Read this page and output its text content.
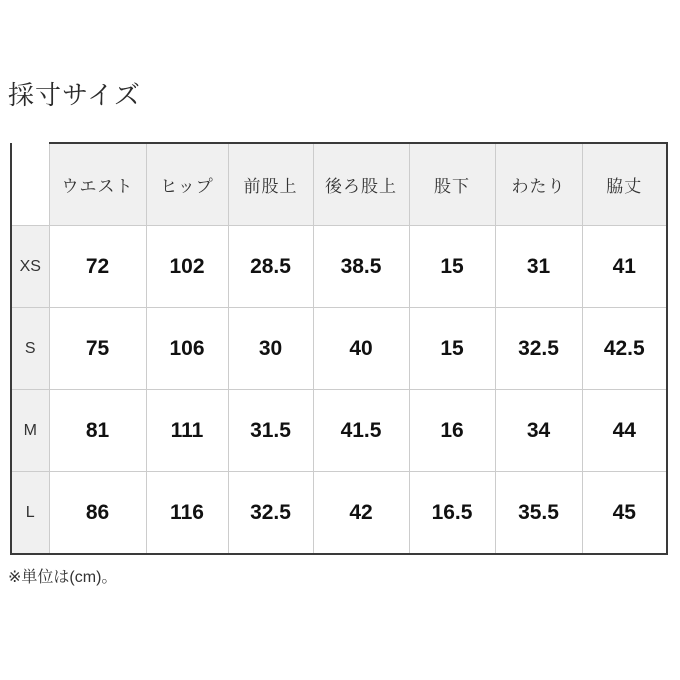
採寸サイズ
	ウエスト	ヒップ	前股上	後ろ股上	股下	わたり	脇丈
XS	72	102	28.5	38.5	15	31	41
S	75	106	30	40	15	32.5	42.5
M	81	111	31.5	41.5	16	34	44
L	86	116	32.5	42	16.5	35.5	45
※単位は(cm)。
